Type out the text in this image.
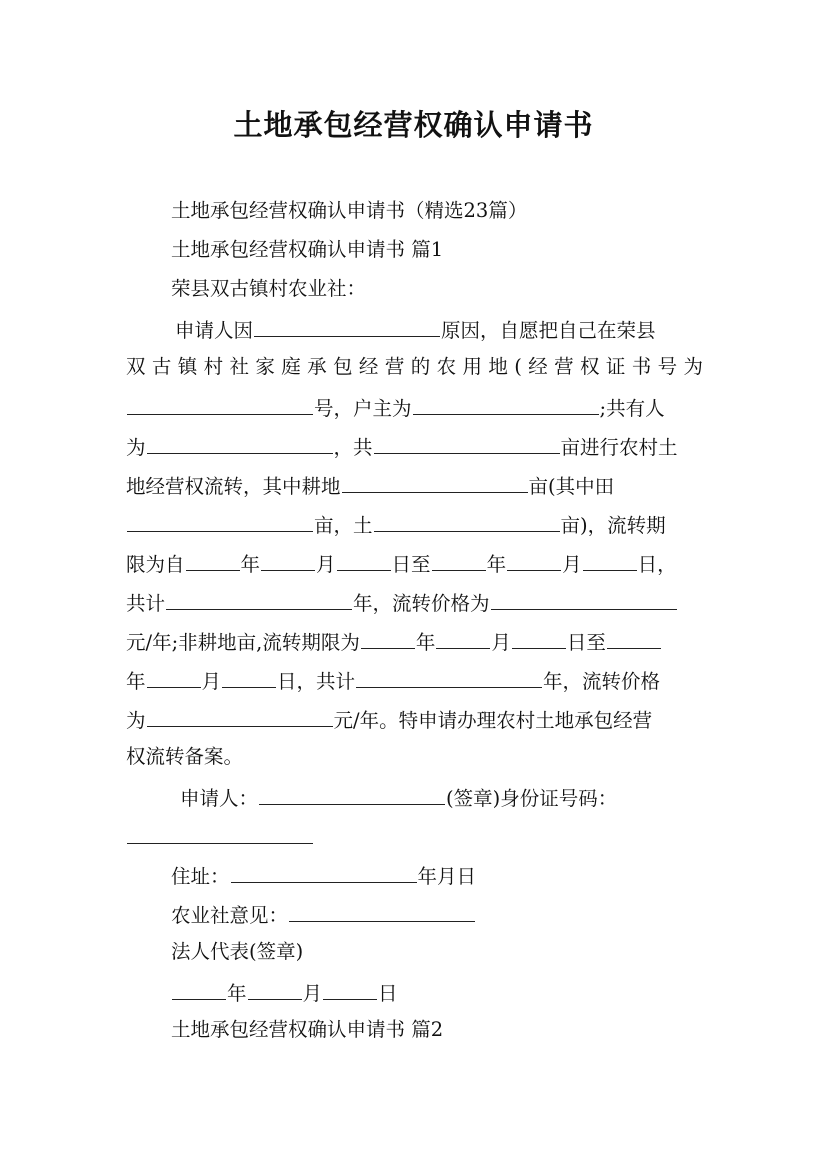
土地承包经营权确认申请书
土地承包经营权确认申请书（精选23篇）
土地承包经营权确认申请书 篇1
荣县双古镇村农业社：
申请人因	原因，自愿把自己在荣县
双古镇村社家庭承包经营的农用地(经营权证书号为
号，户主为	;共有人
为	，共	亩进行农村土
地经营权流转，其中耕地	亩(其中田
亩，土	亩)，流转期
限为自	年	月	日至	年	月	日，
共计	年，流转价格为
元/年;非耕地亩,流转期限为	年	月	日至
年	月	日，共计	年，流转价格
为	元/年。特申请办理农村土地承包经营
权流转备案。
申请人：	(签章)身份证号码：
住址：	年月日
农业社意见：
法人代表(签章)
年	月	日
土地承包经营权确认申请书 篇2
